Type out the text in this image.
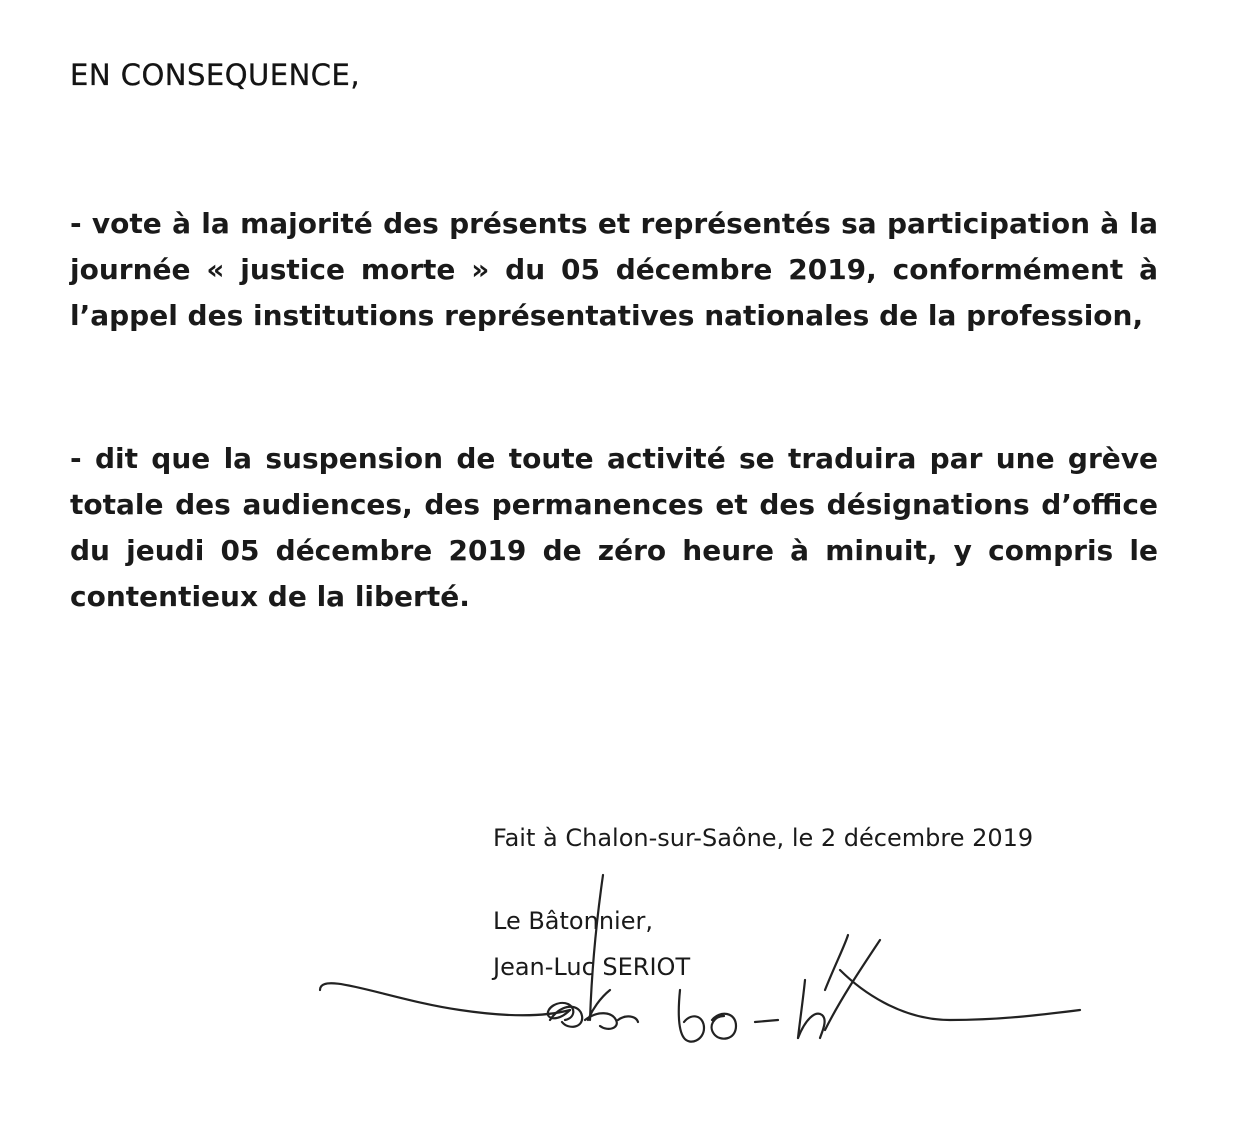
EN CONSEQUENCE,

- vote à la majorité des présents et représentés sa participation à la journée « justice morte » du 05 décembre 2019, conformément à l’appel des institutions représentatives nationales de la profession,

- dit que la suspension de toute activité se traduira par une grève totale des audiences, des permanences et des désignations d’office du jeudi 05 décembre 2019 de zéro heure à minuit, y compris le contentieux de la liberté.

Fait à Chalon-sur-Saône, le 2 décembre 2019

Le Bâtonnier,
Jean-Luc SERIOT
